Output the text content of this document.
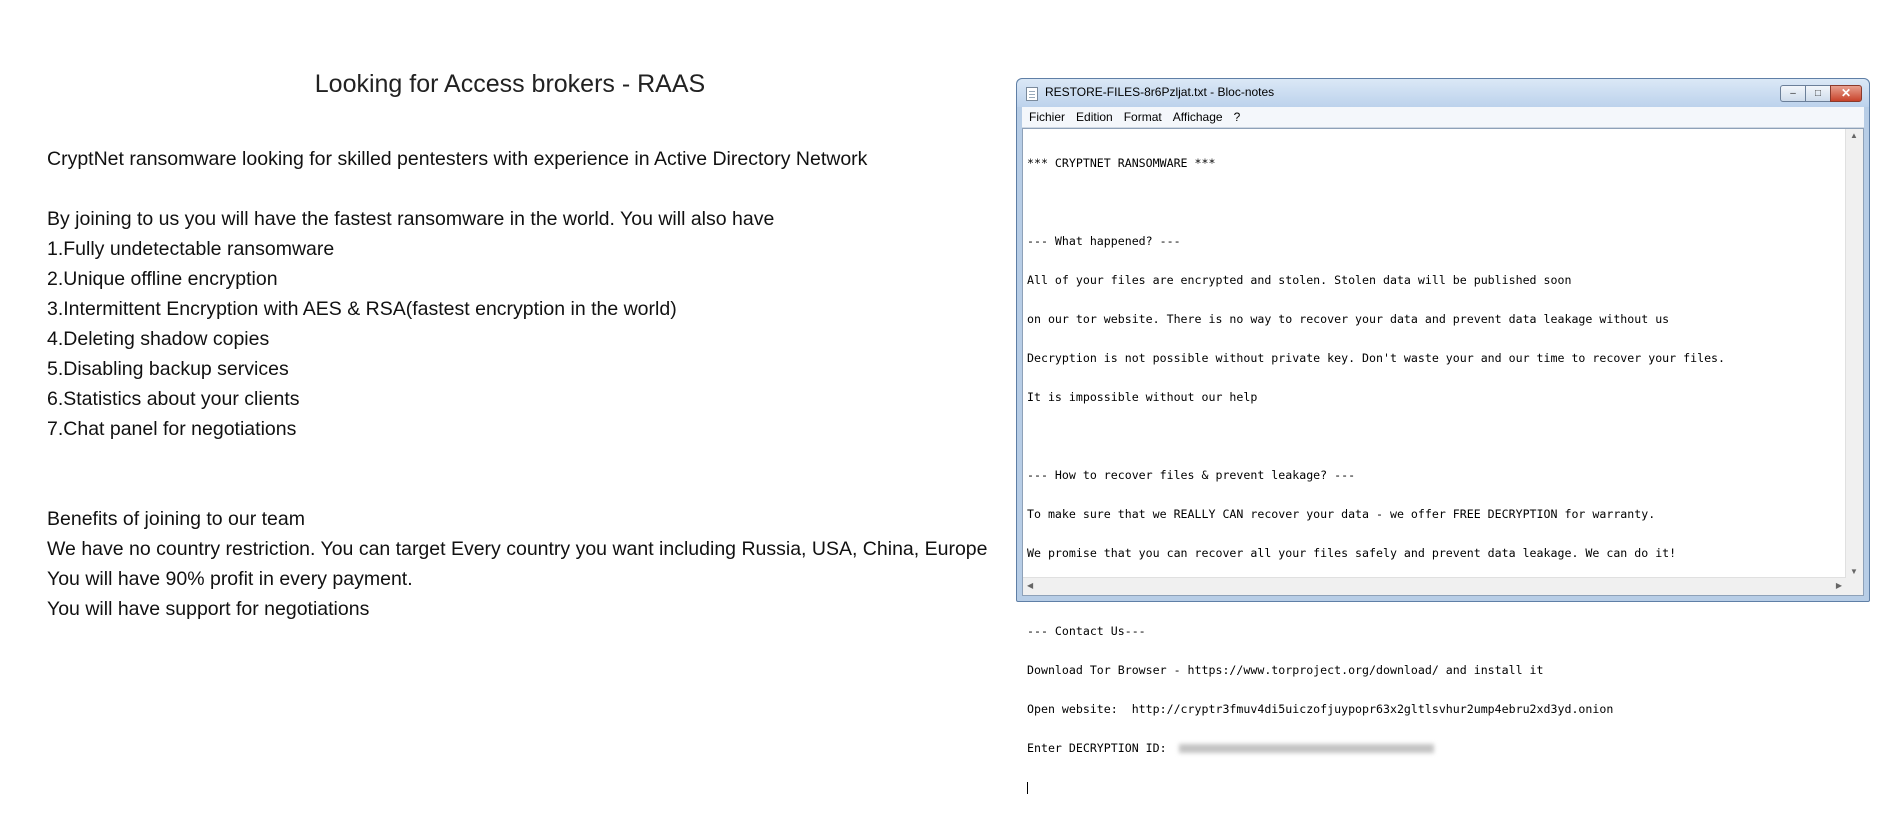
Looking for Access brokers - RAAS
CryptNet ransomware looking for skilled pentesters with experience in Active Directory Network
By joining to us you will have the fastest ransomware in the world. You will also have
1.Fully undetectable ransomware
2.Unique offline encryption
3.Intermittent Encryption with AES & RSA(fastest encryption in the world)
4.Deleting shadow copies
5.Disabling backup services
6.Statistics about your clients
7.Chat panel for negotiations
Benefits of joining to our team
We have no country restriction. You can target Every country you want including Russia, USA, China, Europe
You will have 90% profit in every payment.
You will have support for negotiations
RESTORE-FILES-8r6Pzljat.txt - Bloc-notes	–	□	✕
Fichier Edition Format Affichage ?

*** CRYPTNET RANSOMWARE ***

--- What happened? ---

All of your files are encrypted and stolen. Stolen data will be published soon

on our tor website. There is no way to recover your data and prevent data leakage without us

Decryption is not possible without private key. Don't waste your and our time to recover your files.

It is impossible without our help

--- How to recover files & prevent leakage? ---

To make sure that we REALLY CAN recover your data - we offer FREE DECRYPTION for warranty.

We promise that you can recover all your files safely and prevent data leakage. We can do it!

--- Contact Us---

Download Tor Browser - https://www.torproject.org/download/ and install it

Open website:  http://cryptr3fmuv4di5uiczofjuypopr63x2gltlsvhur2ump4ebru2xd3yd.onion

Enter DECRYPTION ID:

▲
▼
◀	▶
